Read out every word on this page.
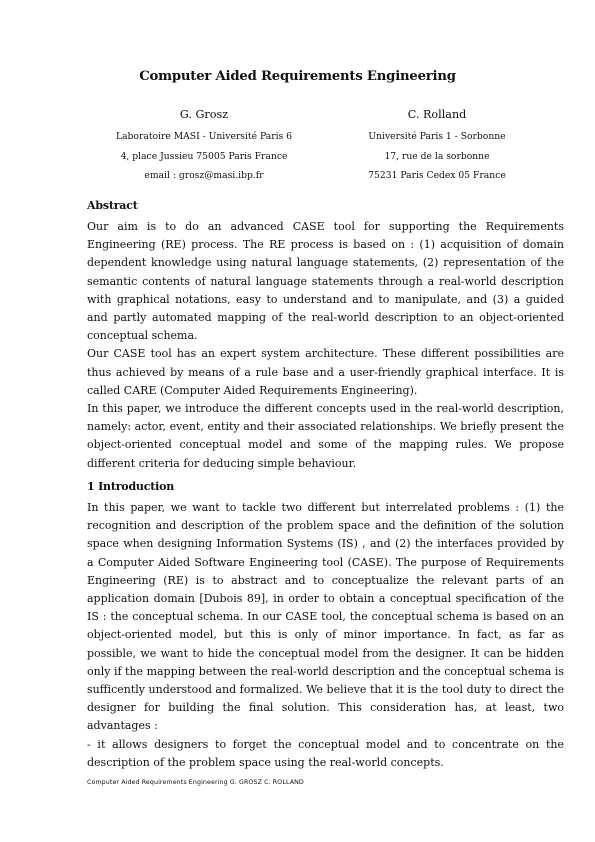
Computer Aided Requirements Engineering
G. Grosz
Laboratoire MASI - Université Paris 6
4, place Jussieu 75005 Paris France
email : grosz@masi.ibp.fr
C. Rolland
Université Paris 1 - Sorbonne
17, rue de la sorbonne
75231 Paris Cedex 05 France
Abstract

Our aim is to do an advanced CASE tool for supporting the Requirements Engineering (RE) process. The RE process is based on : (1) acquisition of domain dependent knowledge using natural language statements, (2) representation of the semantic contents of natural language statements through a real-world description with graphical notations, easy to understand and to manipulate, and (3) a guided and partly automated mapping of the real-world description to an object-oriented conceptual schema.

Our CASE tool has an expert system architecture. These different possibilities are thus achieved by means of a rule base and a user-friendly graphical interface. It is called CARE (Computer Aided Requirements Engineering).

In this paper, we introduce the different concepts used in the real-world description, namely: actor, event, entity and their associated relationships. We briefly present the object-oriented conceptual model and some of the mapping rules. We propose different criteria for deducing simple behaviour.

1 Introduction

In this paper, we want to tackle two different but interrelated problems : (1) the recognition and description of the problem space and the definition of the solution space when designing Information Systems (IS) , and (2) the interfaces provided by a Computer Aided Software Engineering tool (CASE). The purpose of Requirements Engineering (RE) is to abstract and to conceptualize the relevant parts of an application domain [Dubois 89], in order to obtain a conceptual specification of the IS : the conceptual schema. In our CASE tool, the conceptual schema is based on an object-oriented model, but this is only of minor importance. In fact, as far as possible, we want to hide the conceptual model from the designer. It can be hidden only if the mapping between the real-world description and the conceptual schema is sufficently understood and formalized. We believe that it is the tool duty to direct the designer for building the final solution. This consideration has, at least, two advantages :

- it allows designers to forget the conceptual model and to concentrate on the description of the problem space using the real-world concepts.

Computer Aided Requirements Engineering G. GROSZ C. ROLLAND
